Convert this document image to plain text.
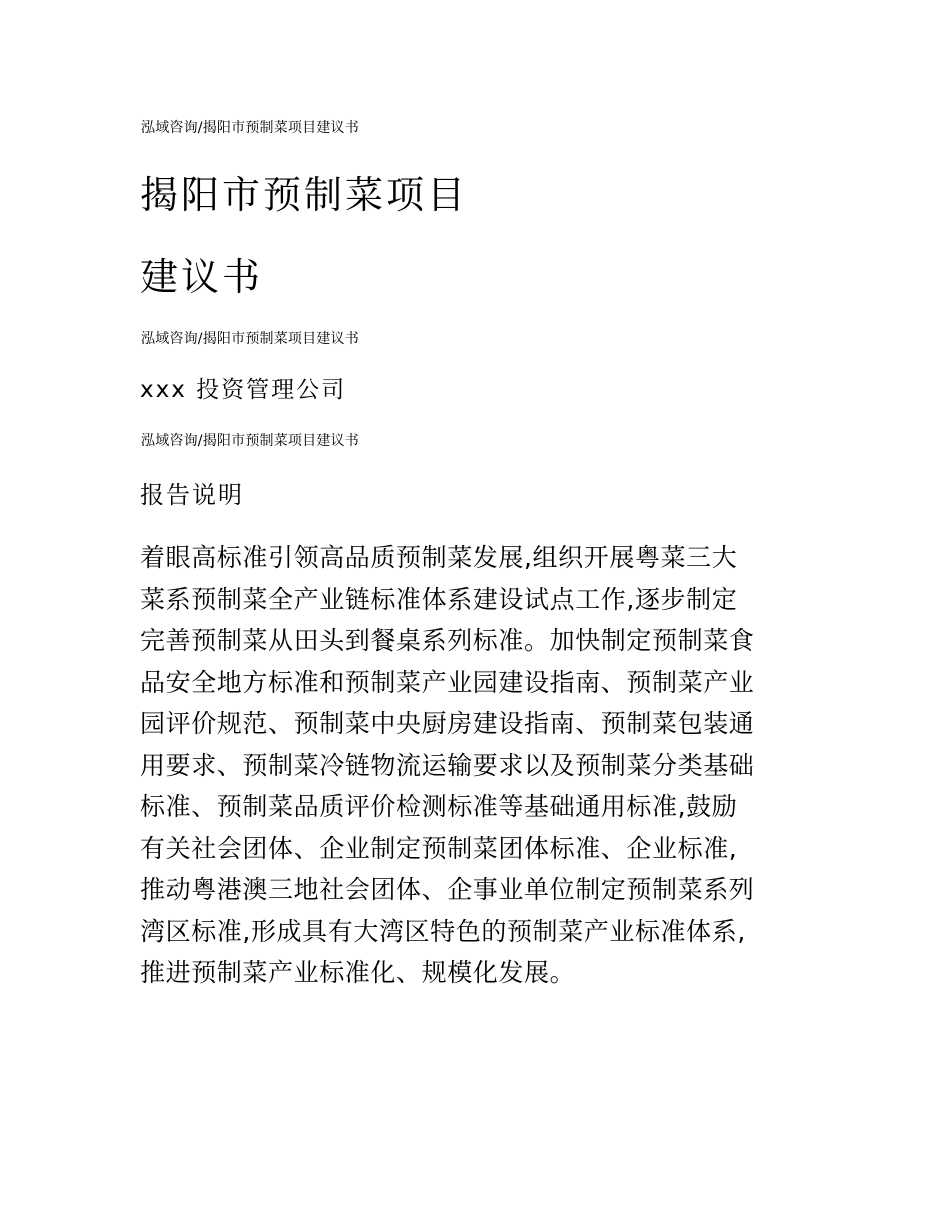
泓域咨询/揭阳市预制菜项目建议书
揭阳市预制菜项目
建议书
泓域咨询/揭阳市预制菜项目建议书
xxx 投资管理公司
泓域咨询/揭阳市预制菜项目建议书
报告说明
着眼高标准引领高品质预制菜发展,组织开展粤菜三大
菜系预制菜全产业链标准体系建设试点工作,逐步制定
完善预制菜从田头到餐桌系列标准。加快制定预制菜食
品安全地方标准和预制菜产业园建设指南、预制菜产业
园评价规范、预制菜中央厨房建设指南、预制菜包装通
用要求、预制菜冷链物流运输要求以及预制菜分类基础
标准、预制菜品质评价检测标准等基础通用标准,鼓励
有关社会团体、企业制定预制菜团体标准、企业标准,
推动粤港澳三地社会团体、企事业单位制定预制菜系列
湾区标准,形成具有大湾区特色的预制菜产业标准体系,
推进预制菜产业标准化、规模化发展。
